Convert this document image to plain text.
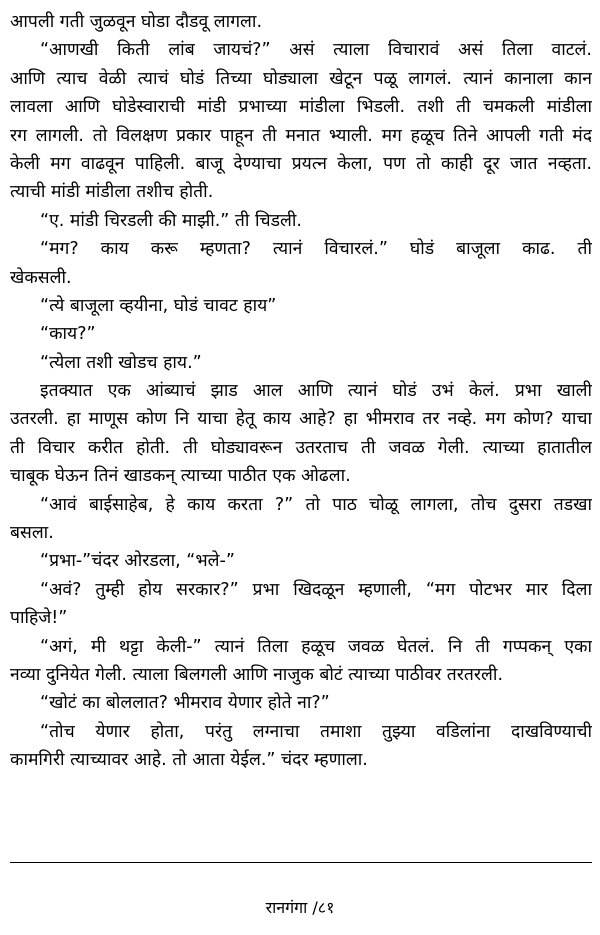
आपली गती जुळवून घोडा दौडवू लागला.
“आणखी किती लांब जायचं?” असं त्याला विचारावं असं तिला वाटलं.
आणि त्याच वेळी त्याचं घोडं तिच्या घोड्याला खेटून पळू लागलं. त्यानं कानाला कान
लावला आणि घोडेस्वाराची मांडी प्रभाच्या मांडीला भिडली. तशी ती चमकली मांडीला
रग लागली. तो विलक्षण प्रकार पाहून ती मनात भ्याली. मग हळूच तिने आपली गती मंद
केली मग वाढवून पाहिली. बाजू देण्याचा प्रयत्न केला, पण तो काही दूर जात नव्हता.
त्याची मांडी मांडीला तशीच होती.
“ए. मांडी चिरडली की माझी.” ती चिडली.
“मग? काय करू म्हणता? त्यानं विचारलं.” घोडं बाजूला काढ. ती
खेकसली.
“त्ये बाजूला व्हयीना, घोडं चावट हाय”
“काय?”
“त्येला तशी खोडच हाय.”
इतक्यात एक आंब्याचं झाड आल आणि त्यानं घोडं उभं केलं. प्रभा खाली
उतरली. हा माणूस कोण नि याचा हेतू काय आहे? हा भीमराव तर नव्हे. मग कोण? याचा
ती विचार करीत होती. ती घोड्यावरून उतरताच ती जवळ गेली. त्याच्या हातातील
चाबूक घेऊन तिनं खाडकन् त्याच्या पाठीत एक ओढला.
“आवं बाईसाहेब, हे काय करता ?” तो पाठ चोळू लागला, तोच दुसरा तडखा
बसला.
“प्रभा-”चंदर ओरडला, “भले-”
“अवं? तुम्ही होय सरकार?” प्रभा खिदळून म्हणाली, “मग पोटभर मार दिला
पाहिजे!”
“अगं, मी थट्टा केली-” त्यानं तिला हळूच जवळ घेतलं. नि ती गप्पकन् एका
नव्या दुनियेत गेली. त्याला बिलगली आणि नाजुक बोटं त्याच्या पाठीवर तरतरली.
“खोटं का बोललात? भीमराव येणार होते ना?”
“तोच येणार होता, परंतु लग्नाचा तमाशा तुझ्या वडिलांना दाखविण्याची
कामगिरी त्याच्यावर आहे. तो आता येईल.” चंदर म्हणाला.
रानगंगा /८१
